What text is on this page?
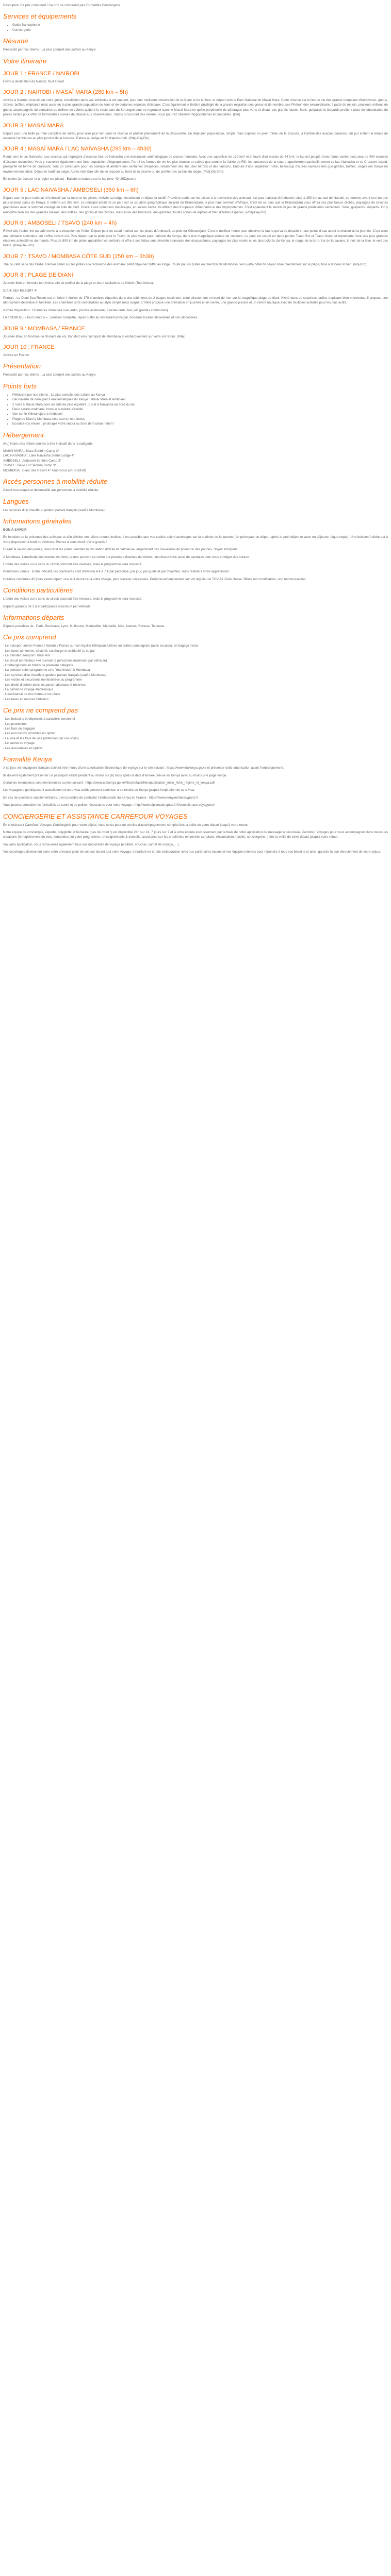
Description Ce prix comprend / Ce prix ne comprend pas Formalités Conciergerie

Services et équipements
• Guide francophone
• Conciergerie
Résumé

Plébiscité par nos clients : La plus complet des safaris au Kenya

Votre itinéraire
JOUR 1 : FRANCE / NAIROBI

Envol à destination de Nairobi. Nuit à bord.

JOUR 2 : NAIROBI / MASAÏ MARA (280 km – 5h)

Arrivée à Nairobi. Accueil par votre guide. Installation dans vos véhicules à toit ouvrant, pour une meilleure observation de la faune et de la flore, et départ vers le Parc National de Masaï Mara. Cette réserve est le lieu de vie des grands troupeaux d'herbivores, gnous, zèbres, buffles, éléphants mais aussi de la plus grande population de lions et de certaines espèces d'oiseaux. C'est également le théâtre privilégié de la grande migration des gnous et de nombreuses Phénomène extraordinaire, à partir de mi-juin, plusieurs millions de gnous accompagnés de centaines de milliers de zèbres quittent le vaste parc du Serengeti pour se regrouper dans le Masaï Mara en quête perpétuelle de pâturages plus verts et d'eau. Les grands fauves, lions, guépards et léopards profitent alors de l'abondance de proies faciles pour offrir de formidables scènes de chasse aux observateurs. Tandis qu'au bord des rivières, vous pourrez observer hippopotames et crocodiles. (Dîn).

JOUR 3 : MASAÏ MARA

Départ pour une belle journée complète de safari, pour aller plus loin dans la réserve et profiter pleinement de la découverte. Un déjeuner pique-nique, simple mais copieux en plein milieu de la brousse, à l'ombre des acacias parasols. Un pur instant le temps de ressentir l'ambiance au plus proche de la brousse. Retour au lodge en fin d'après-midi. (Pdéj-Déj-Dîn).

JOUR 4 : MASAÏ MARA / LAC NAIVASHA (295 km – 4h30)

Route vers le lac Naivasha. Les oiseaux qui regorgent d'oiseaux font de Naivasha une destination ornithologique de classe mondiale. Avec une superficie de 139 km² et entouré d'un marais de 64 km², le lac est peuplé d'une faune variée avec plus de 400 espèces d'oiseaux recensées. Vous y trouverez également une forte population d'hippopotames. Parmi les formes de vie les plus douces et salées que compte la Vallée du Rift, les amoureux de la nature apprécieront particulièrement ce lac. Naivasha et se Crescent Island, presqu'île en forme de croissant, sont un sanctuaire pour les oiseaux et abritent des centaines d'espèces, notamment des ibis, des hérons et des faucons. Entouré d'une végétation riche, beaucoup d'autres espèces tels que girafes, buffles, singes ont trouvé un environnement idéal. Déjeuner tardif au lodge. Après-midi libre afin de se reposer au bord de la piscine ou de profiter des jardins du lodge. (Pdéj-Déj-Dîn).

En option (à réserver et à régler sur place) : Balade en bateau sur le lac (env. 40 USD/pers.).

JOUR 5 : LAC NAIVASHA / AMBOSELI (350 km – 6h)

Départ pour le parc national d'Amboseli par la route et les pistes. Arrivée au lodge, installation et déjeuner tardif. Première sortie sur les pistes à la recherche des animaux. Le parc national d'Amboseli, situé à 250 km au sud de Nairobi, se termine avant est l'un des plus anciens parcs du Kenya. Il s'étend sur 392 km². Le principal attrait de ce parc est sa situation géographique au pied du Kilimandjaro, le plus haut sommet d'Afrique. C'est de ce parc que le Kilimandjaro vous offrira ses plus beaux clichés, paysages de savanes grandioses avec le sommet enneigé en toile de fond. Grâce à ces nombreux marécages, en saison sèche, ils attirent des troupeaux d'éléphants et des hippopotames. C'est également le terrain de jeu de grands prédateurs carnivores : lions, guépards, léopards. On y rencontre bien sur des grandes masaïs, des buffles, des gnous et des zèbres, mais aussi des babouins, des gazelles, toutes sortes de reptiles et bien d'autres espèces. (Pdéj-Déj-Dîn).

JOUR 6 : AMBOSELI / TSAVO (240 km – 4h)

Réveil dès l'aube, thé ou café servis à la réception de l'hôtel. Départ pour un safari matinal sur les pistes d'Amboseli, au pied du Kilimandjaro. C'est le meilleur heure pour observer la faune qui va se désaltérer aux points d'eau avant la chaleur de la journée. C'est alors une véritable splendeur qui s'offre devant soi. Puis départ par la piste pour le Tsavo, le plus vaste parc national du Kenya, dans une magnifique palette de couleurs. Le parc est coupé en deux parties Tsavo Est et Tsavo Ouest et représente l'une des plus grandes réserves animalières du monde. Plus de 800 km de pistes quadrillent ce territoire et offre à ses hôtes une diversité étonnante des écosystèmes, paysages les plus variés et les plus colorés du Kenya, le rouge de la terre, l'or de la savane, le noir de la lave, le vert des forêts. (Pdéj-Déj-Dîn).

JOUR 7 : TSAVO / MOMBASA CÔTE SUD (250 km – 3h30)

Thé ou café servi dès l'aube. Dernier safari sur les pistes à la recherche des animaux. Petit déjeuner buffet au lodge. Route par les pistes en direction de Mombasa, vers votre hôtel de séjour situé directement sur la plage, face à l'Océan Indien. (Pdj-Dîn).

JOUR 8 : PLAGE DE DIANI

Journée libre en formule tout inclus afin de profiter de la plage et des installations de l'hôtel. (Tout inclus).

DIANI SEA RESORT 4*

Portrait : Le Diani Sea Resort est un hôtel 4 étoiles de 170 chambres réparties dans des bâtiments de 2 étages maximum, situé directement en bord de mer sur la magnifique plage de diani. Niché dans de superbes jardins tropicaux bien entretenus, il propose une atmosphère détendue et familiale. Les chambres sont confortables au style simple mais soigné. L'hôtel propose une animation en journée et en soirée, une grande piscine et un centre nautique avec de multiples activités pour les plus actifs.

A votre disposition : Chambres climatisée vue jardin, piscine extérieure, 2 restaurants, bar, wifi (parties communes)

LA FORMULE « tout compris » : pension complète, repas buffet au restaurant principal, boissons locales alcoolisées et non alcoolisées.

JOUR 9 : MOMBASA / FRANCE

Journée libre, en fonction de l'horaire du vol, transfert vers l'aéroport de Mombasa et embarquement sur votre vol retour. (Pdéj).

JOUR 10 : FRANCE

Arrivée en France

Présentation

Plébiscité par nos clients : La plus complet des safaris au Kenya

Points forts
• Plébiscité par nos clients : La plus complet des safaris au Kenya
• Découverte de deux parcs emblématiques du Kenya : Masaï Mara et Amboseli
• 2 nuits à Masaï Mara pour un safaree plus équilibré, 1 nuit à Naivasha au bord du lac
• Deux safaris matinaux, lorsque la nature s'éveille
• Vue sur le Kilimandjaro à Amboseli
• Plage de Diani à Mombasa côte sud en tout-inclus
• Ecoutez vos envies : prolongez votre séjour au bord de l'océan Indien !
Hébergement

(NL) Noms des hôtels donnés à titre indicatif dans la catégorie

MASAÏ MARA : Mara Sentrim Camp 3*
LAC NAIVASHA : Lake Naivasha Simba Lodge 4*
AMBOSELI : Amboseli Sentrim Camp 3*
TSAVO : Tsavo Ext Sentrim Camp 3*
MOMBASA : Diani Sea Resort 4* Tout-inclus (ch. Confort)
Accès personnes à mobilité réduite

Circuit non adapté et déconseillé aux personnes à mobilité réduite.

Langues

Les services d'un chauffeur-guideur parlant français (sauf à Mombasa)

Informations générales

BON À SAVOIR

En fonction de la présence des animaux et afin d'éviter des allers-retours inutiles, il est possible que vos safaris soient aménagés sur la matinée ou la journée (en prévoyant un départ après le petit déjeuner avec un déjeuner pique-nique). Une boisson fraîche est à votre disposition à bord du véhicule. Prenez à vous munir d'une gourde !

Durant la saison des pluies, l'eau rend les pistes, rendant la circulation difficile et cahoteuse, engendrant des crevaisons de pneus ou des pannes. Soyez indulgent !

A Mombasa, l'amplitude des marées est forte, la mer pouvant se retirer sur plusieurs dizaines de mètres : munissez-vous aussi de sandales pour vous protéger des coraux.

L'ordre des visites ou le sens du circuit pourront être inversés, mais le programme sera respecté.

Pourboires usuels : à titre indicatif, les pourboires sont d'environ 4 € à 7 € par personne, par jour, par guide et par chauffeur, mais restent à votre appréciation.

Horaires confirmés 45 jours avant départ, une nuit de transit à votre charge, peut s'avérer nécessaire. Pré/post-acheminement sur vol régulier ou TGV Air Zodo classe. Billets non modifiables, non remboursables.

Conditions particulières

L'ordre des visites ou le sens du circuit pourront être inversés, mais le programme sera respecté.

Départs garantis de 3 à 6 participants maximum par véhicule

Informations départs

Départs possibles de : Paris, Bordeaux, Lyon, Mulhouse, Montpellier, Marseille, Nice, Nantes, Rennes, Toulouse

Ce prix comprend
- Le transport aérien France / Nairobi / France sur vol régulier Ethiopian Airlines ou autres compagnies (avec escales), en bagage inclus
- Les taxes aériennes, sécurité, surcharge et solidarité (1 ou par
- Le transfert aéroport / hôtel A/R
- Le circuit en minibus 4x4 ouvrant (6 personnes maximum par véhicule)
- L'hébergement en hôtels de première catégorie
- La pension selon programme et le "tout inclus" à Mombasa
- Les services d'un chauffeur-guideur parlant français (sauf à Mombasa)
- Les visites et excursions mentionnées au programme
- Les droits d'entrée dans les parcs nationaux et réserves
- La carnet de voyage électronique
- L'assistance de nos bureaux sur place
- Les taxes et services hôteliers
Ce prix ne comprend pas
- Les boissons et dépenses à caractère personnel
- Les pourboires
- Les frais de bagages
- Les excursions possibles en option
- Le visa et les frais de visa (obtention par vos soins)
- Le carnet de voyage
- Les assurances en option
Formalité Kenya

A ce jour, les voyageurs français doivent être munis d'une autorisation électronique de voyage sur le site suivant : https://www.etakenya.go.ke et présenter cette autorisation avant l'embarquement.

Ils doivent également présenter un passeport valide pendant au moins six (6) mois après la date d'arrivée prévue au Kenya avec au moins une page vierge.

Certaines exemptions sont mentionnées au lien suivant : https://www.etakenya.go.ke/files/default/files/publication_mise_fiche_régime_ki_kenya.pdf

Les voyageurs qui disposent actuellement d'un e-visa valide peuvent continuer à se rendre au Kenya jusqu'à l'expiration de ce e-visa.

En cas de questions supplémentaires, il est possible de contacter l'ambassade du Kenya en France : https://www.kenyaembassyparis.fr

Vous pouvez consulter les formalités de santé et de police nécessaires pour votre voyage : http://www.diplomatie.gouv.fr/fr/conseils-aux-voyageurs/

CONCIERGERIE ET ASSISTANCE CARREFOUR VOYAGES

En choisissant Carrefour Voyages Conciergerie pour votre séjour, vous optez pour un service d'accompagnement complet dès la veille de votre départ jusqu'à votre retour.

Notre équipe de concierges, experte, polyglotte et humaine (pas de robot !) est disponible 24h sur 24, 7 jours sur 7 et à votre écoute exclusivement par le biais de notre application de messagerie sécurisée, Carrefour Voyages pour vous accompagner dans toutes les situations (enregistrement de vols, demandes sur votre programme, renseignements & conseils, assistance sur les problèmes rencontrés sur place, réclamations (facile), conciergerie...) dès la veille de votre départ jusqu'à votre retour.

Via votre application, vous retrouverez également tous vos documents de voyage (e-billets, voucher, carnet de voyage, ...)

Vos concierges deviennent alors votre principal point de contact durant tout votre voyage, travaillant en étroite collaboration avec nos partenaires locaux et nos équipes internes pour répondre à tous vos besoins et ainsi, garantir la bon déroulement de votre séjour.
